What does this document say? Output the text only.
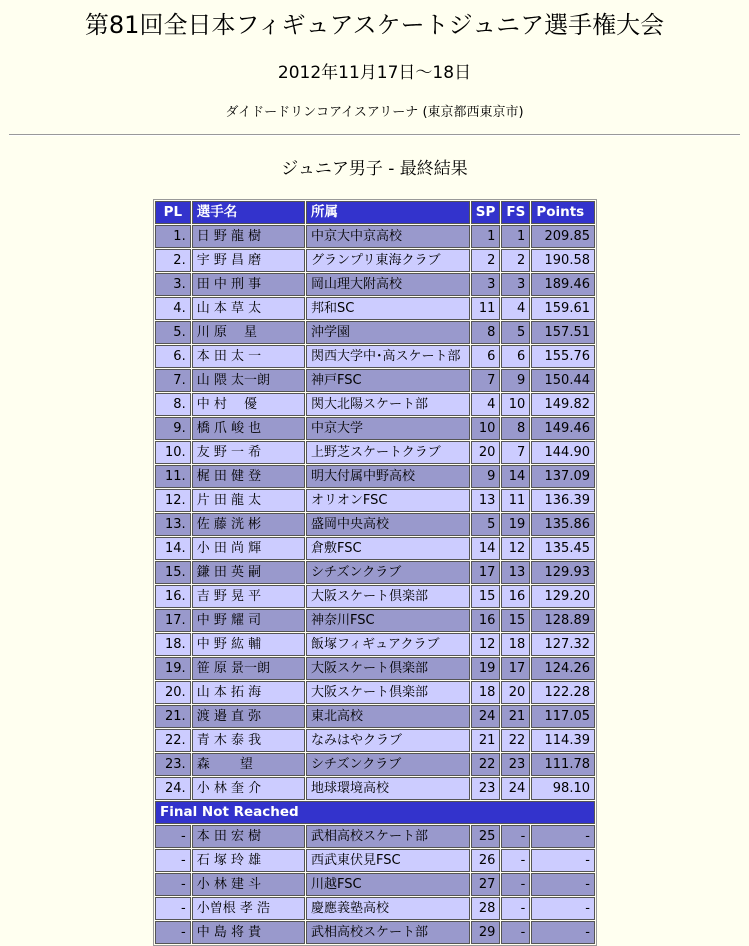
第81回全日本フィギュアスケートジュニア選手権大会
2012年11月17日～18日
ダイドードリンコアイスアリーナ (東京都西東京市)
ジュニア男子 - 最終結果
PL	選手名	所属	SP	FS	Points
1.	日 野 龍 樹	中京大中京高校	1	1	209.85
2.	宇 野 昌 磨	グランプリ東海クラブ	2	2	190.58
3.	田 中 刑 事	岡山理大附高校	3	3	189.46
4.	山 本 草 太	邦和SC	11	4	159.61
5.	川 原　 星	沖学園	8	5	157.51
6.	本 田 太 一	関西大学中･高スケート部	6	6	155.76
7.	山 隈 太一朗	神戸FSC	7	9	150.44
8.	中 村　 優	関大北陽スケート部	4	10	149.82
9.	橋 爪 峻 也	中京大学	10	8	149.46
10.	友 野 一 希	上野芝スケートクラブ	20	7	144.90
11.	梶 田 健 登	明大付属中野高校	9	14	137.09
12.	片 田 龍 太	オリオンFSC	13	11	136.39
13.	佐 藤 洸 彬	盛岡中央高校	5	19	135.86
14.	小 田 尚 輝	倉敷FSC	14	12	135.45
15.	鎌 田 英 嗣	シチズンクラブ	17	13	129.93
16.	吉 野 晃 平	大阪スケート倶楽部	15	16	129.20
17.	中 野 耀 司	神奈川FSC	16	15	128.89
18.	中 野 紘 輔	飯塚フィギュアクラブ	12	18	127.32
19.	笹 原 景一朗	大阪スケート倶楽部	19	17	124.26
20.	山 本 拓 海	大阪スケート倶楽部	18	20	122.28
21.	渡 邉 直 弥	東北高校	24	21	117.05
22.	青 木 泰 我	なみはやクラブ	21	22	114.39
23.	森　　 望	シチズンクラブ	22	23	111.78
24.	小 林 奎 介	地球環境高校	23	24	98.10
Final Not Reached					
-	本 田 宏 樹	武相高校スケート部	25	-	-
-	石 塚 玲 雄	西武東伏見FSC	26	-	-
-	小 林 建 斗	川越FSC	27	-	-
-	小曽根 孝 浩	慶應義塾高校	28	-	-
-	中 島 将 貴	武相高校スケート部	29	-	-
